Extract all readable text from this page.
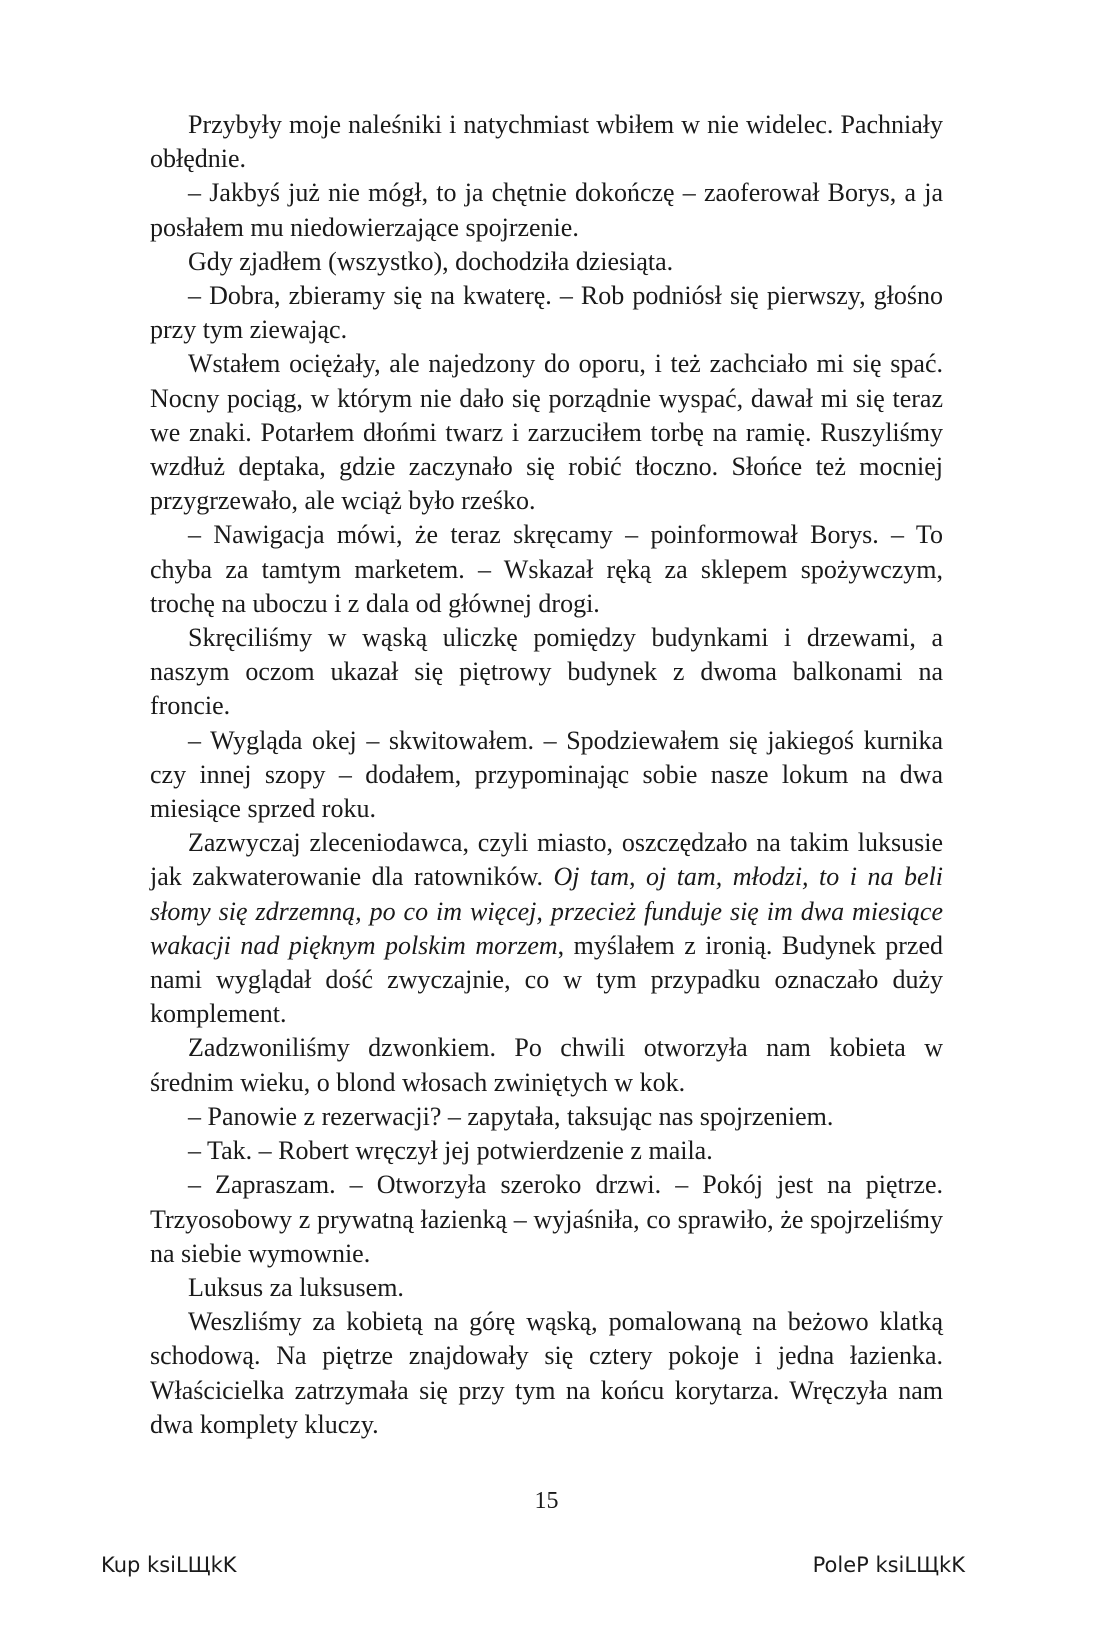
Przybyły moje naleśniki i natychmiast wbiłem w nie widelec. Pachniały obłędnie.

– Jakbyś już nie mógł, to ja chętnie dokończę – zaoferował Borys, a ja posłałem mu niedowierzające spojrzenie.

Gdy zjadłem (wszystko), dochodziła dziesiąta.

– Dobra, zbieramy się na kwaterę. – Rob podniósł się pierwszy, głośno przy tym ziewając.

Wstałem ociężały, ale najedzony do oporu, i też zachciało mi się spać. Nocny pociąg, w którym nie dało się porządnie wyspać, dawał mi się teraz we znaki. Potarłem dłońmi twarz i zarzuciłem torbę na ramię. Ruszyliśmy wzdłuż deptaka, gdzie zaczynało się robić tłoczno. Słońce też mocniej przygrzewało, ale wciąż było rześko.

– Nawigacja mówi, że teraz skręcamy – poinformował Borys. – To chyba za tamtym marketem. – Wskazał ręką za sklepem spożywczym, trochę na uboczu i z dala od głównej drogi.

Skręciliśmy w wąską uliczkę pomiędzy budynkami i drzewami, a naszym oczom ukazał się piętrowy budynek z dwoma balkonami na froncie.

– Wygląda okej – skwitowałem. – Spodziewałem się jakiegoś kurnika czy innej szopy – dodałem, przypominając sobie nasze lokum na dwa miesiące sprzed roku.

Zazwyczaj zleceniodawca, czyli miasto, oszczędzało na takim luksusie jak zakwaterowanie dla ratowników. Oj tam, oj tam, młodzi, to i na beli słomy się zdrzemną, po co im więcej, przecież funduje się im dwa miesiące wakacji nad pięknym polskim morzem, myślałem z ironią. Budynek przed nami wyglądał dość zwyczajnie, co w tym przypadku oznaczało duży komplement.

Zadzwoniliśmy dzwonkiem. Po chwili otworzyła nam kobieta w średnim wieku, o blond włosach zwiniętych w kok.

– Panowie z rezerwacji? – zapytała, taksując nas spojrzeniem.

– Tak. – Robert wręczył jej potwierdzenie z maila.

– Zapraszam. – Otworzyła szeroko drzwi. – Pokój jest na piętrze. Trzyosobowy z prywatną łazienką – wyjaśniła, co sprawiło, że spojrzeliśmy na siebie wymownie.

Luksus za luksusem.

Weszliśmy za kobietą na górę wąską, pomalowaną na beżowo klatką schodową. Na piętrze znajdowały się cztery pokoje i jedna łazienka. Właścicielka zatrzymała się przy tym na końcu korytarza. Wręczyła nam dwa komplety kluczy.

15
Kup ksiLЩkK	PoleP ksiLЩkK
